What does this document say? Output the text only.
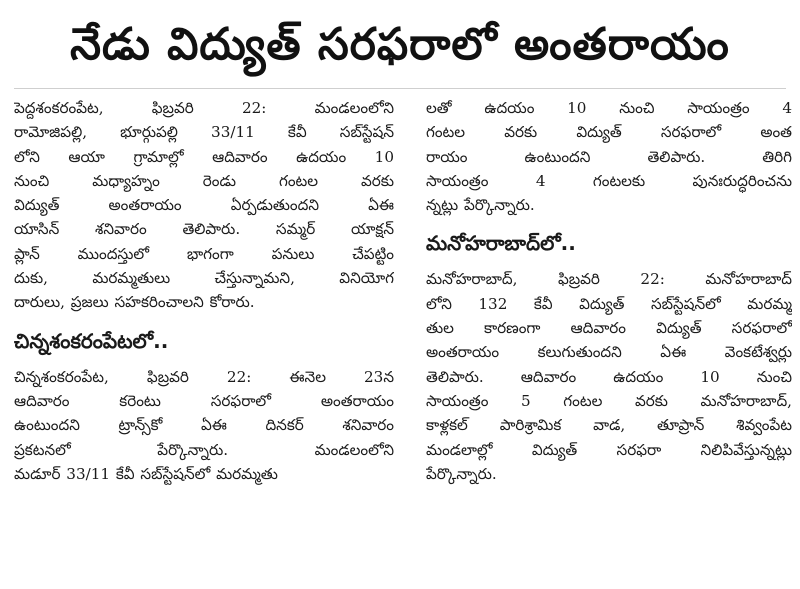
నేడు విద్యుత్ సరఫరాలో అంతరాయం
పెద్దశంకరంపేట, ఫిబ్రవరి 22: మండలంలోని
రామోజిపల్లి, భూర్గుపల్లి 33/11 కేవీ సబ్‌స్టేషన్
లోని ఆయా గ్రామాల్లో ఆదివారం ఉదయం 10
నుంచి మధ్యాహ్నం రెండు గంటల వరకు
విద్యుత్ అంతరాయం ఏర్పడుతుందని ఏఈ
యాసిన్ శనివారం తెలిపారు. సమ్మర్ యాక్షన్
ప్లాన్ ముందస్తులో భాగంగా పనులు చేపట్టిం
దుకు, మరమ్మతులు చేస్తున్నామని, వినియోగ
దారులు, ప్రజలు సహకరించాలని కోరారు.
చిన్నశంకరంపేటలో..
చిన్నశంకరంపేట, ఫిబ్రవరి 22: ఈనెల 23న
ఆదివారం కరెంటు సరఫరాలో అంతరాయం
ఉంటుందని ట్రాన్స్‌కో ఏఈ దినకర్ శనివారం
ప్రకటనలో పేర్కొన్నారు. మండలంలోని
మడూర్ 33/11 కేవీ సబ్‌స్టేషన్‌లో మరమ్మతు
లతో ఉదయం 10 నుంచి సాయంత్రం 4
గంటల వరకు విద్యుత్ సరఫరాలో అంత
రాయం ఉంటుందని తెలిపారు. తిరిగి
సాయంత్రం 4 గంటలకు పునఃరుద్ధరించను
న్నట్లు పేర్కొన్నారు.
మనోహరాబాద్‌లో..
మనోహరాబాద్, ఫిబ్రవరి 22: మనోహరాబాద్
లోని 132 కేవీ విద్యుత్ సబ్‌స్టేషన్‌లో మరమ్మ
తుల కారణంగా ఆదివారం విద్యుత్ సరఫరాలో
అంతరాయం కలుగుతుందని ఏఈ వెంకటేశ్వర్లు
తెలిపారు. ఆదివారం ఉదయం 10 నుంచి
సాయంత్రం 5 గంటల వరకు మనోహరాబాద్,
కాళ్లకల్ పారిశ్రామిక వాడ, తూప్రాన్ శివ్వంపేట
మండలాల్లో విద్యుత్ సరఫరా నిలిపివేస్తున్నట్లు
పేర్కొన్నారు.
